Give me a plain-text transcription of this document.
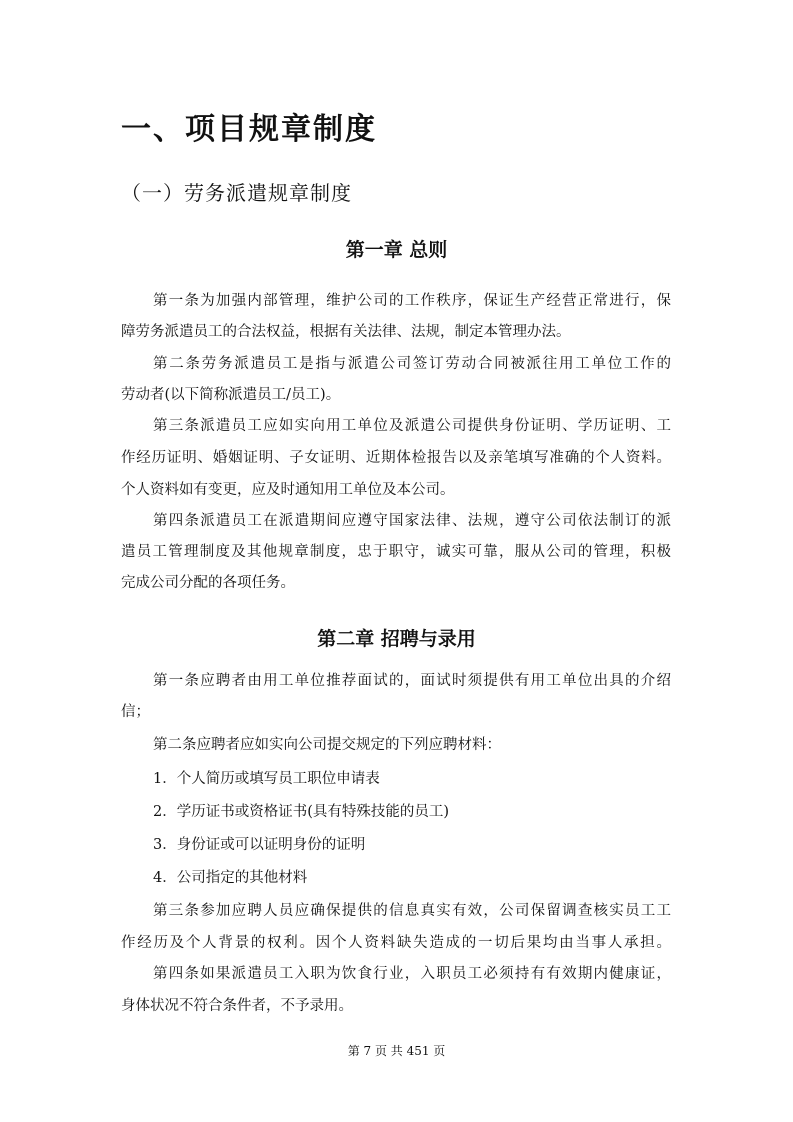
一、项目规章制度
（一）劳务派遣规章制度
第一章 总则
第一条为加强内部管理，维护公司的工作秩序，保证生产经营正常进行，保
障劳务派遣员工的合法权益，根据有关法律、法规，制定本管理办法。
第二条劳务派遣员工是指与派遣公司签订劳动合同被派往用工单位工作的
劳动者(以下简称派遣员工/员工)。
第三条派遣员工应如实向用工单位及派遣公司提供身份证明、学历证明、工
作经历证明、婚姻证明、子女证明、近期体检报告以及亲笔填写准确的个人资料。
个人资料如有变更，应及时通知用工单位及本公司。
第四条派遣员工在派遣期间应遵守国家法律、法规，遵守公司依法制订的派
遣员工管理制度及其他规章制度，忠于职守，诚实可靠，服从公司的管理，积极
完成公司分配的各项任务。
第二章 招聘与录用
第一条应聘者由用工单位推荐面试的，面试时须提供有用工单位出具的介绍
信；
第二条应聘者应如实向公司提交规定的下列应聘材料：
1．个人简历或填写员工职位申请表
2．学历证书或资格证书(具有特殊技能的员工)
3．身份证或可以证明身份的证明
4．公司指定的其他材料
第三条参加应聘人员应确保提供的信息真实有效，公司保留调查核实员工工
作经历及个人背景的权利。因个人资料缺失造成的一切后果均由当事人承担。
第四条如果派遣员工入职为饮食行业，入职员工必须持有有效期内健康证，
身体状况不符合条件者，不予录用。
第 7 页 共 451 页
